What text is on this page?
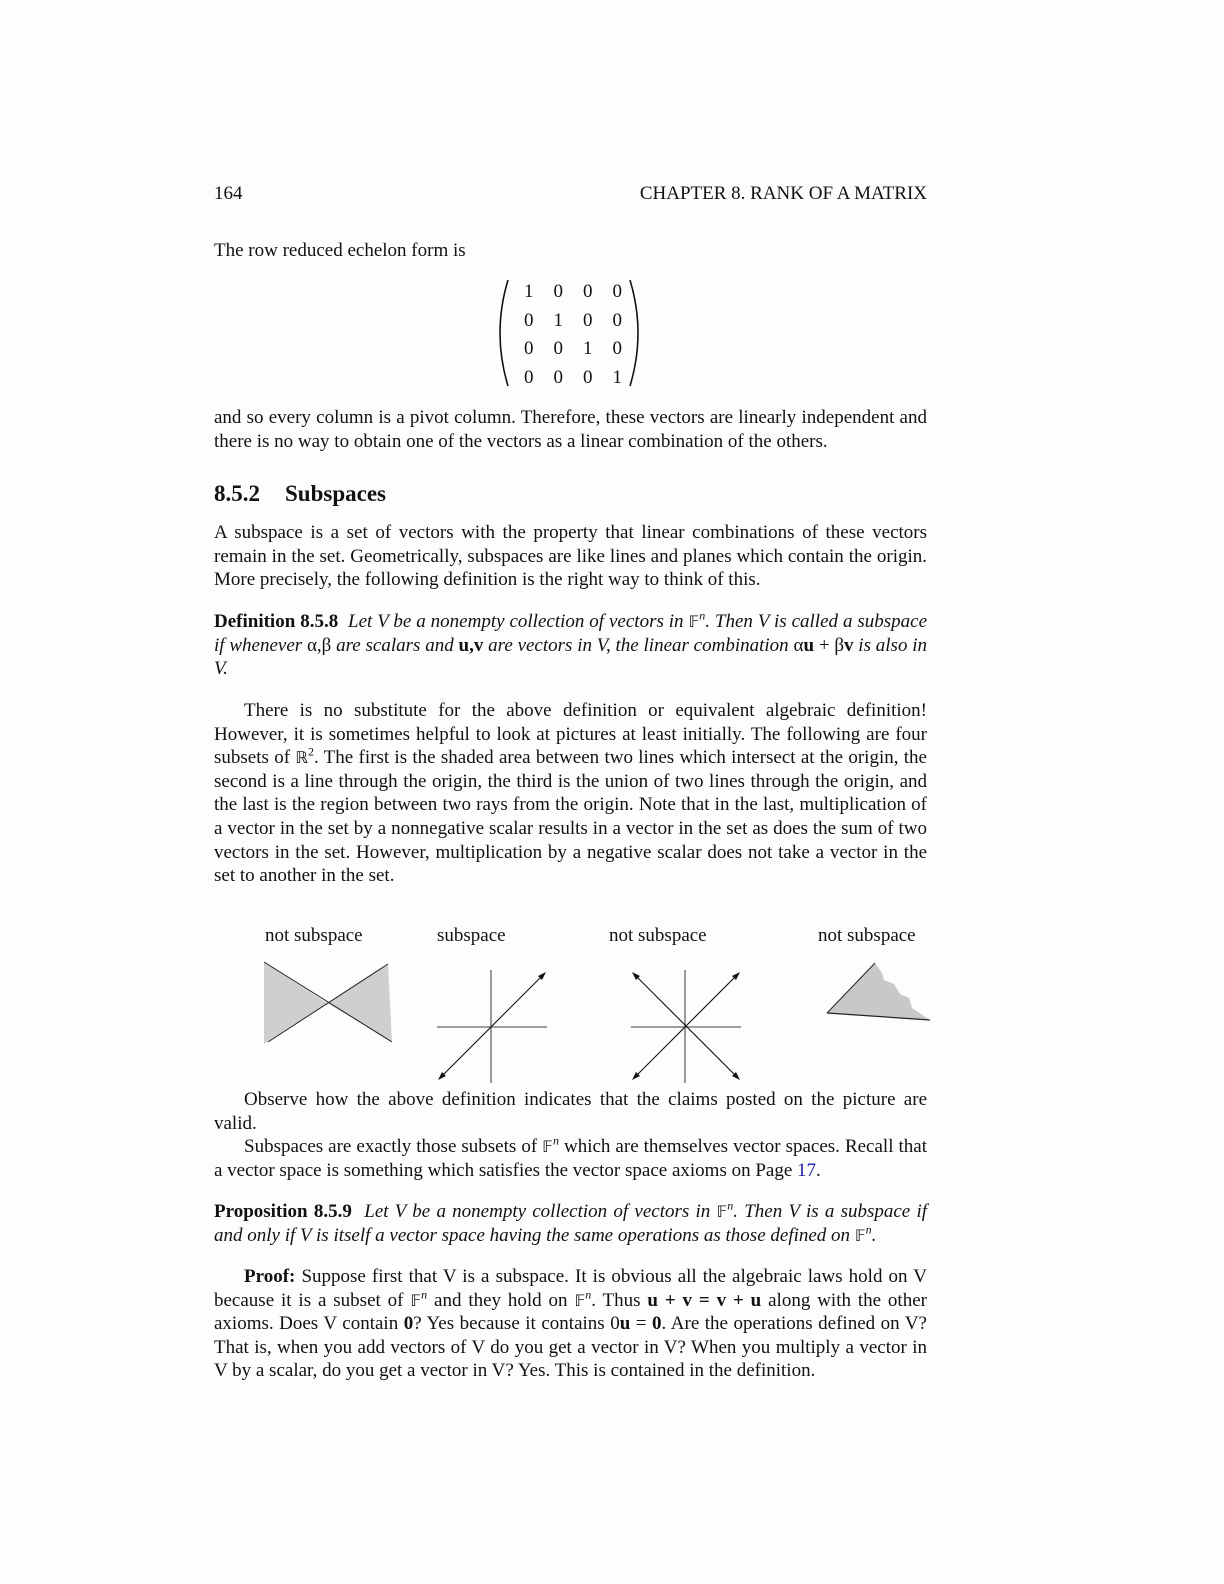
164	CHAPTER 8. RANK OF A MATRIX

The row reduced echelon form is

1	0	0	0
0	1	0	0
0	0	1	0
0	0	0	1

and so every column is a pivot column. Therefore, these vectors are linearly independent and there is no way to obtain one of the vectors as a linear combination of the others.

8.5.2 Subspaces

A subspace is a set of vectors with the property that linear combinations of these vectors remain in the set. Geometrically, subspaces are like lines and planes which contain the origin. More precisely, the following definition is the right way to think of this.

Definition 8.5.8 Let V be a nonempty collection of vectors in 𝔽$^n$. Then V is called a subspace if whenever α,β are scalars and u,v are vectors in V, the linear combination αu + βv is also in V.

There is no substitute for the above definition or equivalent algebraic definition! However, it is sometimes helpful to look at pictures at least initially. The following are four subsets of ℝ$^2$. The first is the shaded area between two lines which intersect at the origin, the second is a line through the origin, the third is the union of two lines through the origin, and the last is the region between two rays from the origin. Note that in the last, multiplication of a vector in the set by a nonnegative scalar results in a vector in the set as does the sum of two vectors in the set. However, multiplication by a negative scalar does not take a vector in the set to another in the set.

not subspace	subspace	not subspace	not subspace

Observe how the above definition indicates that the claims posted on the picture are valid.

Subspaces are exactly those subsets of 𝔽$^n$ which are themselves vector spaces. Recall that a vector space is something which satisfies the vector space axioms on Page 17.

Proposition 8.5.9 Let V be a nonempty collection of vectors in 𝔽$^n$. Then V is a subspace if and only if V is itself a vector space having the same operations as those defined on 𝔽$^n$.

Proof: Suppose first that V is a subspace. It is obvious all the algebraic laws hold on V because it is a subset of 𝔽$^n$ and they hold on 𝔽$^n$. Thus u + v = v + u along with the other axioms. Does V contain 0? Yes because it contains 0u = 0. Are the operations defined on V? That is, when you add vectors of V do you get a vector in V? When you multiply a vector in V by a scalar, do you get a vector in V? Yes. This is contained in the definition.
